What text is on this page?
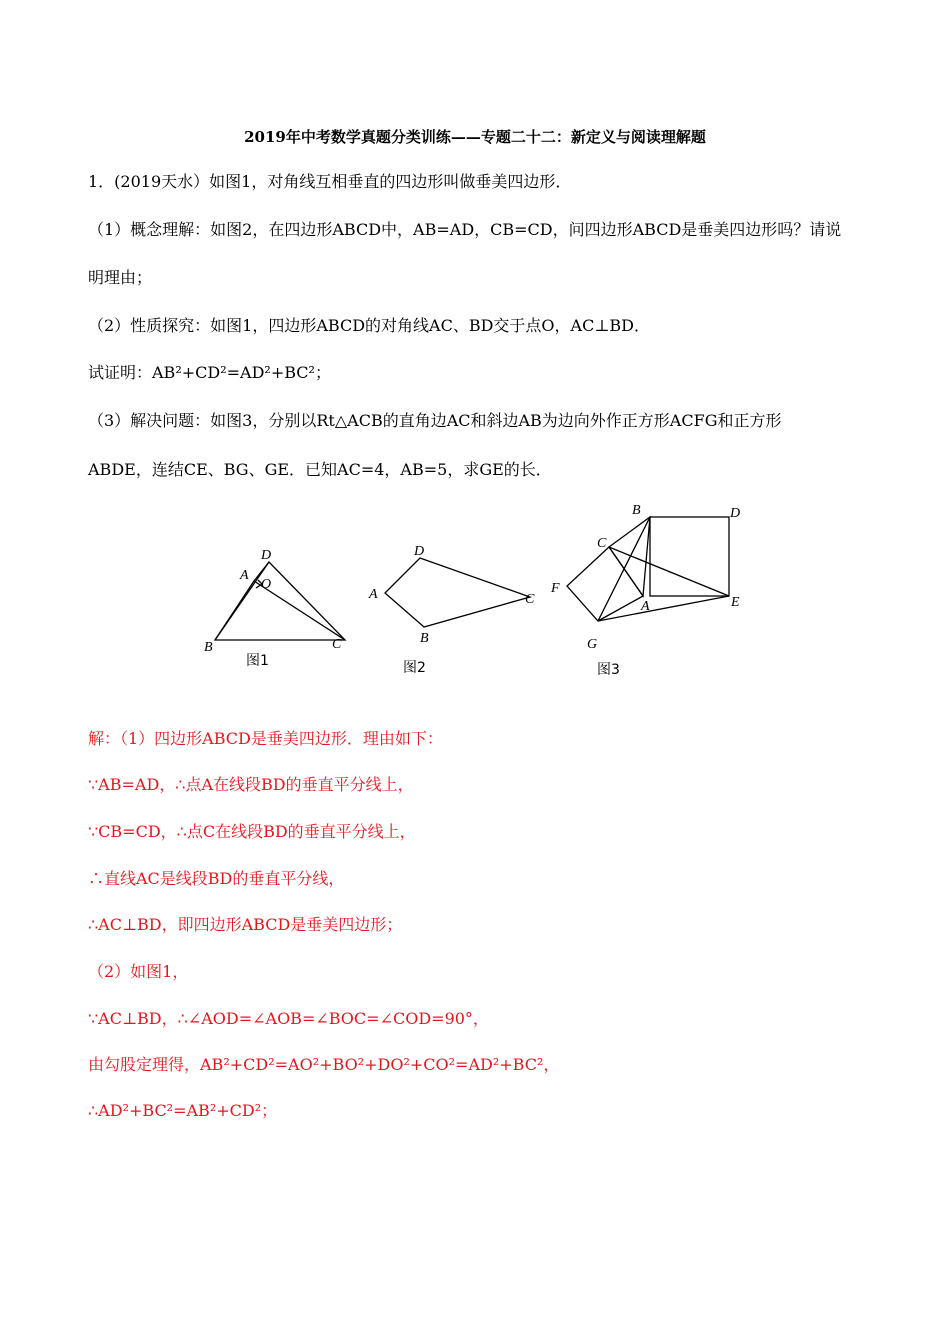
2019年中考数学真题分类训练——专题二十二：新定义与阅读理解题
1．(2019天水）如图1，对角线互相垂直的四边形叫做垂美四边形．
（1）概念理解：如图2，在四边形ABCD中，AB=AD，CB=CD，问四边形ABCD是垂美四边形吗？请说
明理由；
（2）性质探究：如图1，四边形ABCD的对角线AC、BD交于点O，AC⊥BD．
试证明：AB²+CD²=AD²+BC²；
（3）解决问题：如图3，分别以Rt△ACB的直角边AC和斜边AB为边向外作正方形ACFG和正方形
ABDE，连结CE、BG、GE．已知AC=4，AB=5，求GE的长．
D
A
O
B	C
图1
D
A	C
B
图2
B	D
C
F
A	E
G
图3
解：（1）四边形ABCD是垂美四边形．理由如下：
∵AB=AD，∴点A在线段BD的垂直平分线上，
∵CB=CD，∴点C在线段BD的垂直平分线上，
∴直线AC是线段BD的垂直平分线，
∴AC⊥BD，即四边形ABCD是垂美四边形；
（2）如图1，
∵AC⊥BD，∴∠AOD=∠AOB=∠BOC=∠COD=90°，
由勾股定理得，AB²+CD²=AO²+BO²+DO²+CO²=AD²+BC²，
∴AD²+BC²=AB²+CD²；
